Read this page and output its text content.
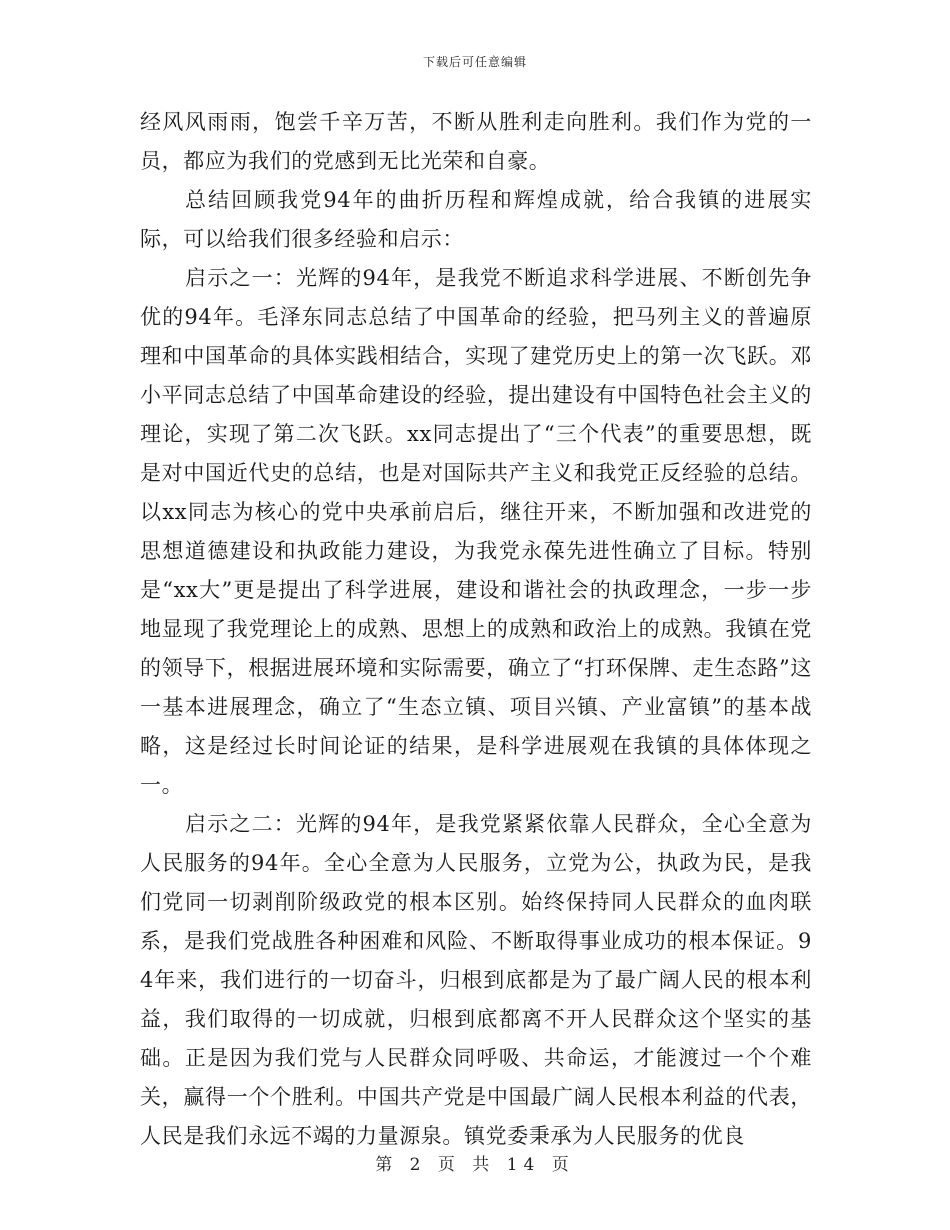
下载后可任意编辑

经风风雨雨，饱尝千辛万苦，不断从胜利走向胜利。我们作为党的一员，都应为我们的党感到无比光荣和自豪。

总结回顾我党94年的曲折历程和辉煌成就，给合我镇的进展实际，可以给我们很多经验和启示：

启示之一：光辉的94年，是我党不断追求科学进展、不断创先争优的94年。毛泽东同志总结了中国革命的经验，把马列主义的普遍原理和中国革命的具体实践相结合，实现了建党历史上的第一次飞跃。邓小平同志总结了中国革命建设的经验，提出建设有中国特色社会主义的理论，实现了第二次飞跃。xx同志提出了“三个代表”的重要思想，既是对中国近代史的总结，也是对国际共产主义和我党正反经验的总结。以xx同志为核心的党中央承前启后，继往开来，不断加强和改进党的思想道德建设和执政能力建设，为我党永葆先进性确立了目标。特别是“xx大”更是提出了科学进展，建设和谐社会的执政理念，一步一步地显现了我党理论上的成熟、思想上的成熟和政治上的成熟。我镇在党的领导下，根据进展环境和实际需要，确立了“打环保牌、走生态路”这一基本进展理念，确立了“生态立镇、项目兴镇、产业富镇”的基本战略，这是经过长时间论证的结果，是科学进展观在我镇的具体体现之一。

启示之二：光辉的94年，是我党紧紧依靠人民群众，全心全意为人民服务的94年。全心全意为人民服务，立党为公，执政为民，是我们党同一切剥削阶级政党的根本区别。始终保持同人民群众的血肉联系，是我们党战胜各种困难和风险、不断取得事业成功的根本保证。94年来，我们进行的一切奋斗，归根到底都是为了最广阔人民的根本利益，我们取得的一切成就，归根到底都离不开人民群众这个坚实的基础。正是因为我们党与人民群众同呼吸、共命运，才能渡过一个个难关，赢得一个个胜利。中国共产党是中国最广阔人民根本利益的代表，人民是我们永远不竭的力量源泉。镇党委秉承为人民服务的优良

第 2 页 共 14 页
